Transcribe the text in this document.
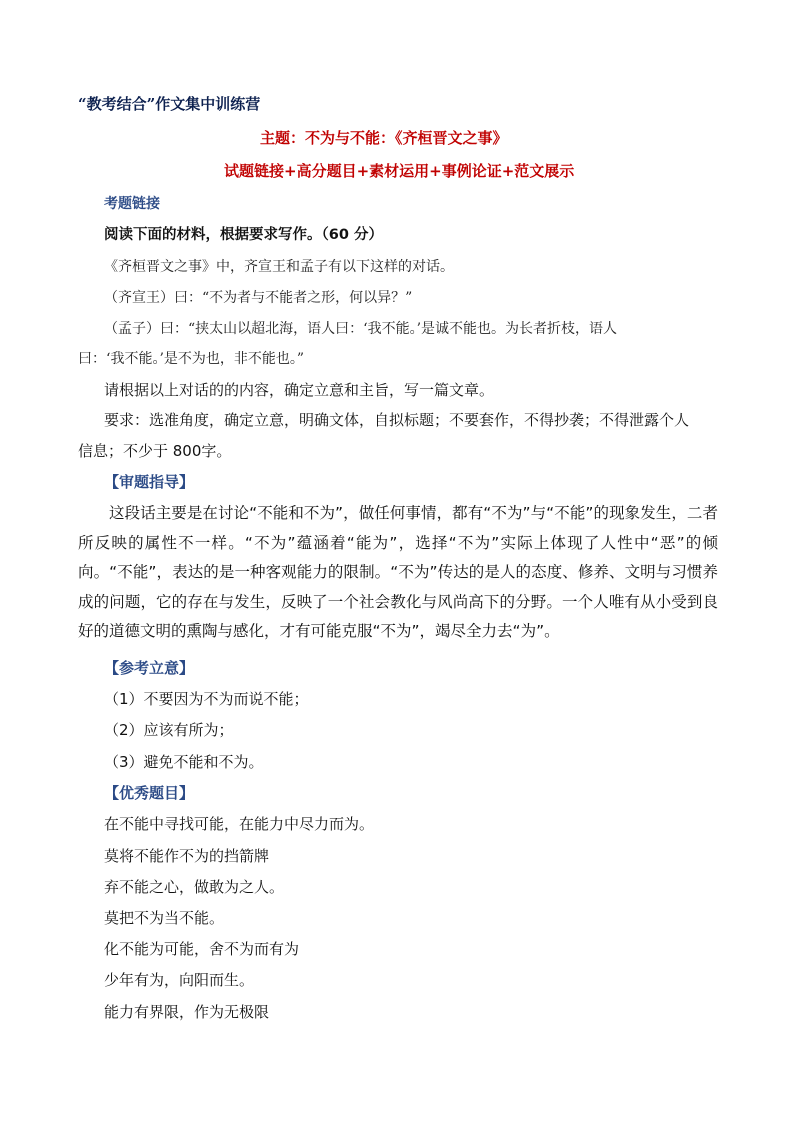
“教考结合”作文集中训练营
主题：不为与不能：《齐桓晋文之事》
试题链接+高分题目+素材运用+事例论证+范文展示
考题链接
阅读下面的材料，根据要求写作。（60 分）
《齐桓晋文之事》中，齐宣王和孟子有以下这样的对话。
（齐宣王）曰：“不为者与不能者之形，何以异？”
（孟子）曰：“挟太山以超北海，语人曰：‘我不能。’是诚不能也。为长者折枝，语人
曰：‘我不能。’是不为也，非不能也。”
请根据以上对话的的内容，确定立意和主旨，写一篇文章。
要求：选准角度，确定立意，明确文体，自拟标题；不要套作，不得抄袭；不得泄露个人
信息；不少于 800字。
【审题指导】
这段话主要是在讨论“不能和不为”，做任何事情，都有“不为”与“不能”的现象发生，二者所反映的属性不一样。“不为”蕴涵着“能为”，选择“不为”实际上体现了人性中“恶”的倾向。“不能”，表达的是一种客观能力的限制。“不为”传达的是人的态度、修养、文明与习惯养成的问题，它的存在与发生，反映了一个社会教化与风尚高下的分野。一个人唯有从小受到良好的道德文明的熏陶与感化，才有可能克服“不为”，竭尽全力去“为”。
【参考立意】
（1）不要因为不为而说不能；
（2）应该有所为；
（3）避免不能和不为。
【优秀题目】
在不能中寻找可能，在能力中尽力而为。
莫将不能作不为的挡箭牌
弃不能之心，做敢为之人。
莫把不为当不能。
化不能为可能，舍不为而有为
少年有为，向阳而生。
能力有界限，作为无极限
